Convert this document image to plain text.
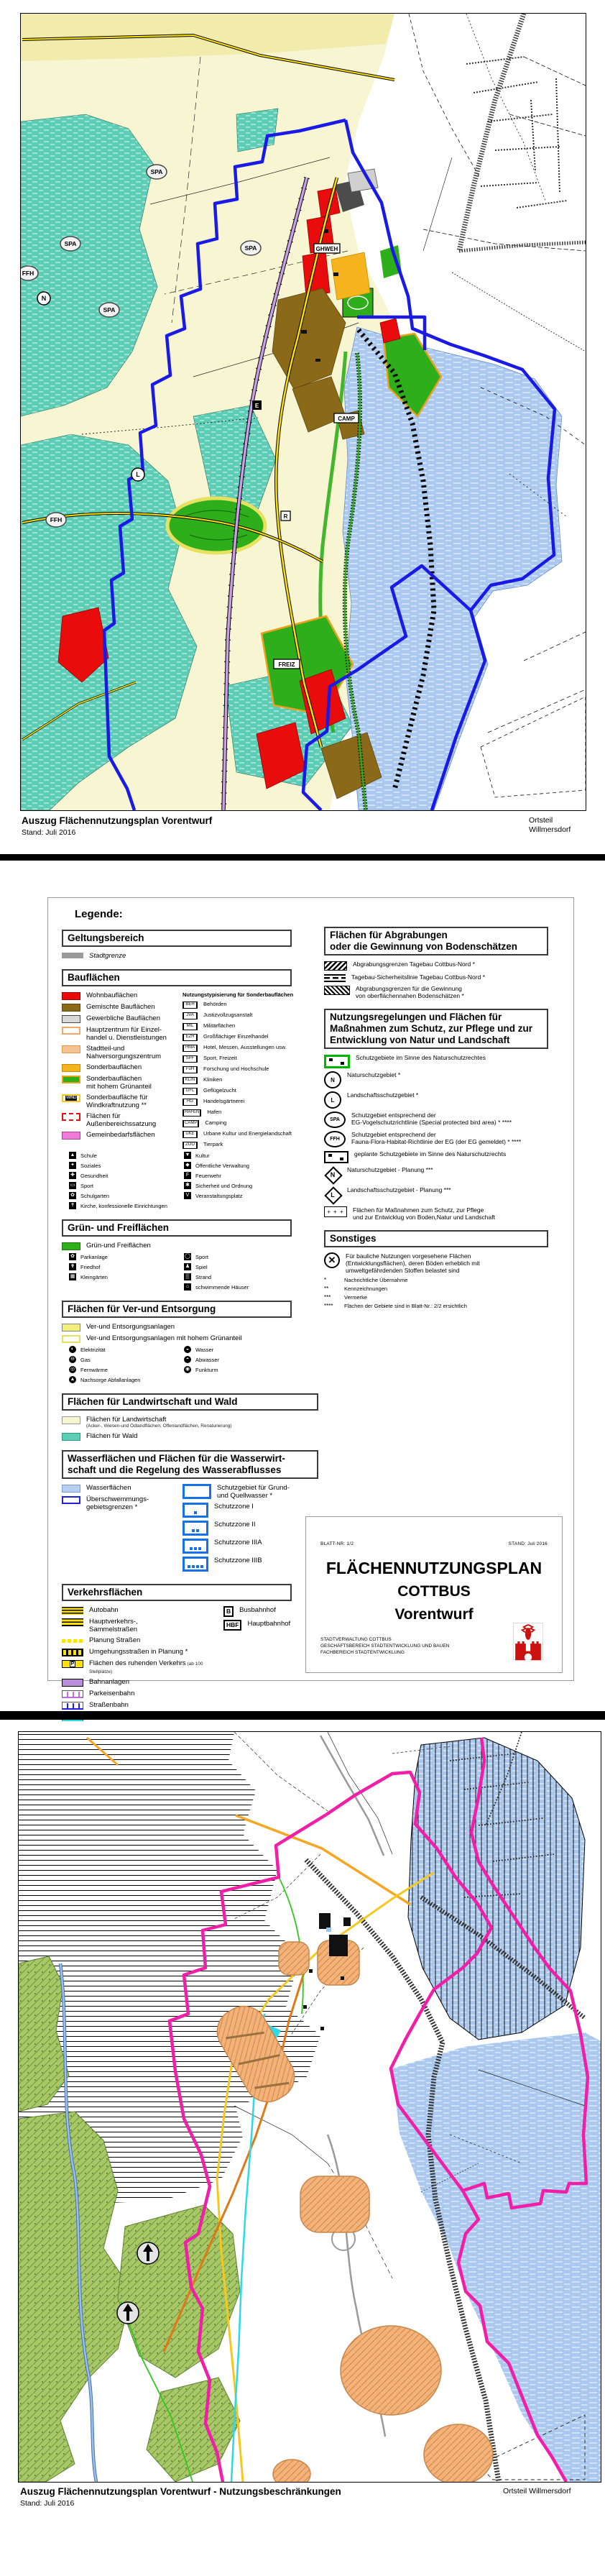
SPA
SPA
SPA
SPA
FFH
FFH
N
L
GHWEH
CAMP
FREIZ
R
E
Auszug Flächennutzungsplan Vorentwurf
Stand: Juli 2016
Ortsteil
Willmersdorf
Legende:
Geltungsbereich
Stadtgrenze
Bauflächen
Wohnbauflächen
Gemischte Bauflächen
Gewerbliche Bauflächen
Hauptzentrum für Einzel-
handel u. Dienstleistungen
Stadtteil-und
Nahversorgungszentrum
Sonderbauflächen
Sonderbauflächen
mit hohem Grünanteil
WIND Sonderbaufläche für
Windkraftnutzung **
Flächen für
Außenbereichssatzung
Gemeinbedarfsflächen
Nutzungstypisierung für Sonderbauflächen
BEH	Behörden
JVA	Justizvollzugsanstalt
MIL	Militärflächen
EZH	Großflächiger Einzelhandel
HMA	Hotel, Messen, Ausstellungen usw.
SPF	Sport, Freizeit
FuH	Forschung und Hochschule
KLIN	Kliniken
GFL	Geflügelzucht
HG	Handelsgärtnerei
HAFEN	Hafen
CAMP	Camping
UKE	Urbane Kultur und Energielandschaft
ZOO	Tierpark
▲ Schule	▼ Kultur
✦ Soziales	◆	Öffentliche Verwaltung
✚ Gesundheit	F	Feuerwehr
▭ Sport	✱ Sicherheit und Ordnung
✿ Schulgarten	V	Veranstaltungsplatz
✝ Kirche, konfessionelle Einrichtungen
Grün- und Freiflächen
Grün-und Freiflächen
✿ Parkanlage	◯ Sport
✟ Friedhof	♟ Spiel
▦ Kleingärten	▒	Strand
⌂	schwimmende Häuser
Flächen für Ver-und Entsorgung
Ver-und Entsorgungsanlagen
Ver-und Entsorgungsanlagen mit hohem Grünanteil
◐	Elektrizität	◒	Wasser
⊖ Gas	◓	Abwasser
◎ Fernwärme	◉ Funkturm
▲ Nachsorge Abfallanlagen
Flächen für Landwirtschaft und Wald
Flächen für Landwirtschaft
(Acker-, Wiesen-und Ödlandflächen, Offenlandflächen, Renaturierung)
Flächen für Wald
Wasserflächen und Flächen für die Wasserwirt-
schaft und die Regelung des Wasserabflusses
Wasserflächen
Überschwemmungs-
gebietsgrenzen *
Schutzgebiet für Grund-
und Quellwasser *
Schutzzone I
Schutzzone II
Schutzzone IIIA
Schutzzone IIIB
Verkehrsflächen
Autobahn
Hauptverkehrs-,
Sammelstraßen
Planung Straßen
Umgehungsstraßen in Planung *
P Flächen des ruhenden Verkehrs (ab 100 Stellplätze)
Bahnanlagen
Parkeisenbahn
Straßenbahn
B	Busbahnhof
HBF	Hauptbahnhof
Flächen für Abgrabungen
oder die Gewinnung von Bodenschätzen
Abgrabungsgrenzen Tagebau Cottbus-Nord *
Tagebau-Sicherheitslinie Tagebau Cottbus-Nord *
Abgrabungsgrenzen für die Gewinnung
von oberflächennahen Bodenschätzen *
Nutzungsregelungen und Flächen für
Maßnahmen zum Schutz, zur Pflege und zur
Entwicklung von Natur und Landschaft
Schutzgebiete im Sinne des Naturschutzrechtes
N
Naturschutzgebiet *
L
Landschaftsschutzgebiet *
SPA
Schutzgebiet entsprechend der
EG-Vogelschutzrichtlinie (Special protected bird area) * ****
FFH
Schutzgebiet entsprechend der
Fauna-Flora-Habitat-Richtlinie der EG (der EG gemeldet) * ****
geplante Schutzgebiete im Sinne des Naturschutzrechts
N
Naturschutzgebiet - Planung ***
L
Landschaftsschutzgebiet - Planung ***
+ + +	Flächen für Maßnahmen zum Schutz, zur Pflege
und zur Entwicklug von Boden,Natur und Landschaft
Sonstiges
✕	Für bauliche Nutzungen vorgesehene Flächen
(Entwicklungsflächen), deren Böden erheblich mit
umweltgefährdenden Stoffen belastet sind
*	Nachrichtliche Übernahme
**	Kennzeichnungen
***	Vermerke
****	Flächen der Gebiete sind in Blatt-Nr.: 2/2 ersichtlich
BLATT-NR: 1/2	STAND: Juli 2016
FLÄCHENNUTZUNGSPLAN
COTTBUS
Vorentwurf
STADTVERWALTUNG COTTBUS
GESCHÄFTSBEREICH STADTENTWICKLUNG UND BAUEN
FACHBEREICH STADTENTWICKLUNG
Auszug Flächennutzungsplan Vorentwurf - Nutzungsbeschränkungen
Stand: Juli 2016
Ortsteil Willmersdorf
